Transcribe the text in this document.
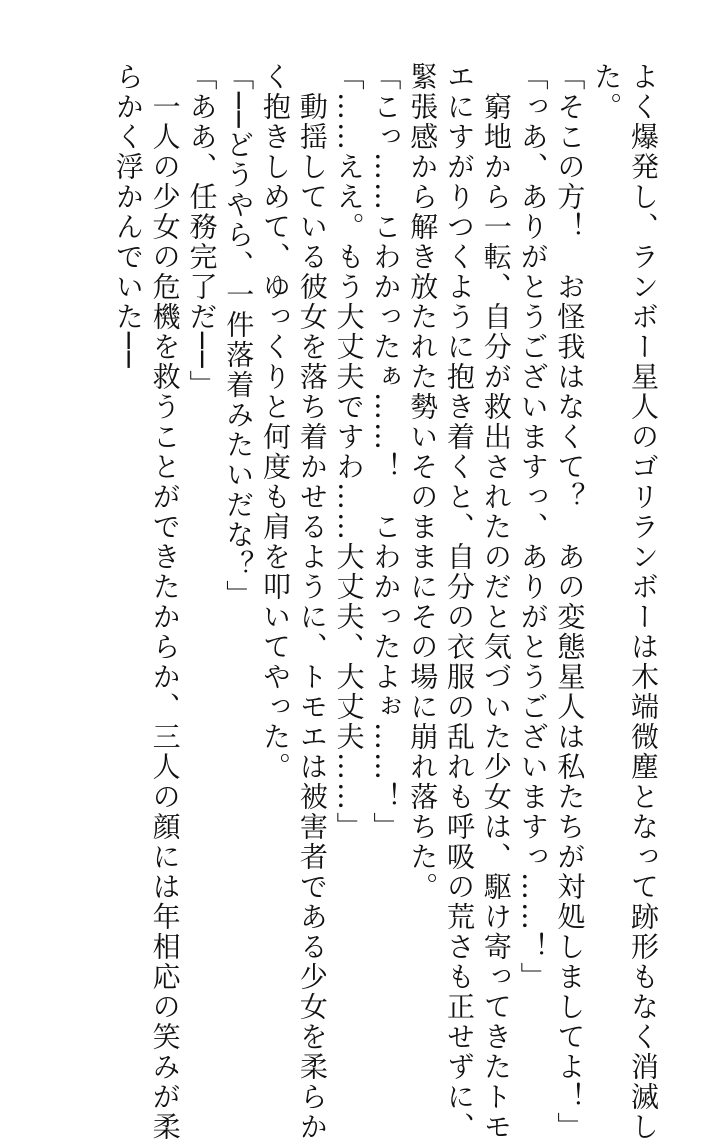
よく爆発し、ランボー星人のゴリランボーは木端微塵となって跡形もなく消滅し
た。
「そこの方！　お怪我はなくて？　あの変態星人は私たちが対処しましてよ！」
「っあ、ありがとうございますっ、ありがとうございますっ……！」
　窮地から一転、自分が救出されたのだと気づいた少女は、駆け寄ってきたトモ
エにすがりつくように抱き着くと、自分の衣服の乱れも呼吸の荒さも正せずに、
緊張感から解き放たれた勢いそのままにその場に崩れ落ちた。
「こっ……こわかったぁ……！　こわかったよぉ……！」
「……ええ。もう大丈夫ですわ……大丈夫、大丈夫……」
　動揺している彼女を落ち着かせるように、トモエは被害者である少女を柔らか
く抱きしめて、ゆっくりと何度も肩を叩いてやった。
「──どうやら、一件落着みたいだな？」
「ああ、任務完了だ──」
　一人の少女の危機を救うことができたからか、三人の顔には年相応の笑みが柔
らかく浮かんでいた──
